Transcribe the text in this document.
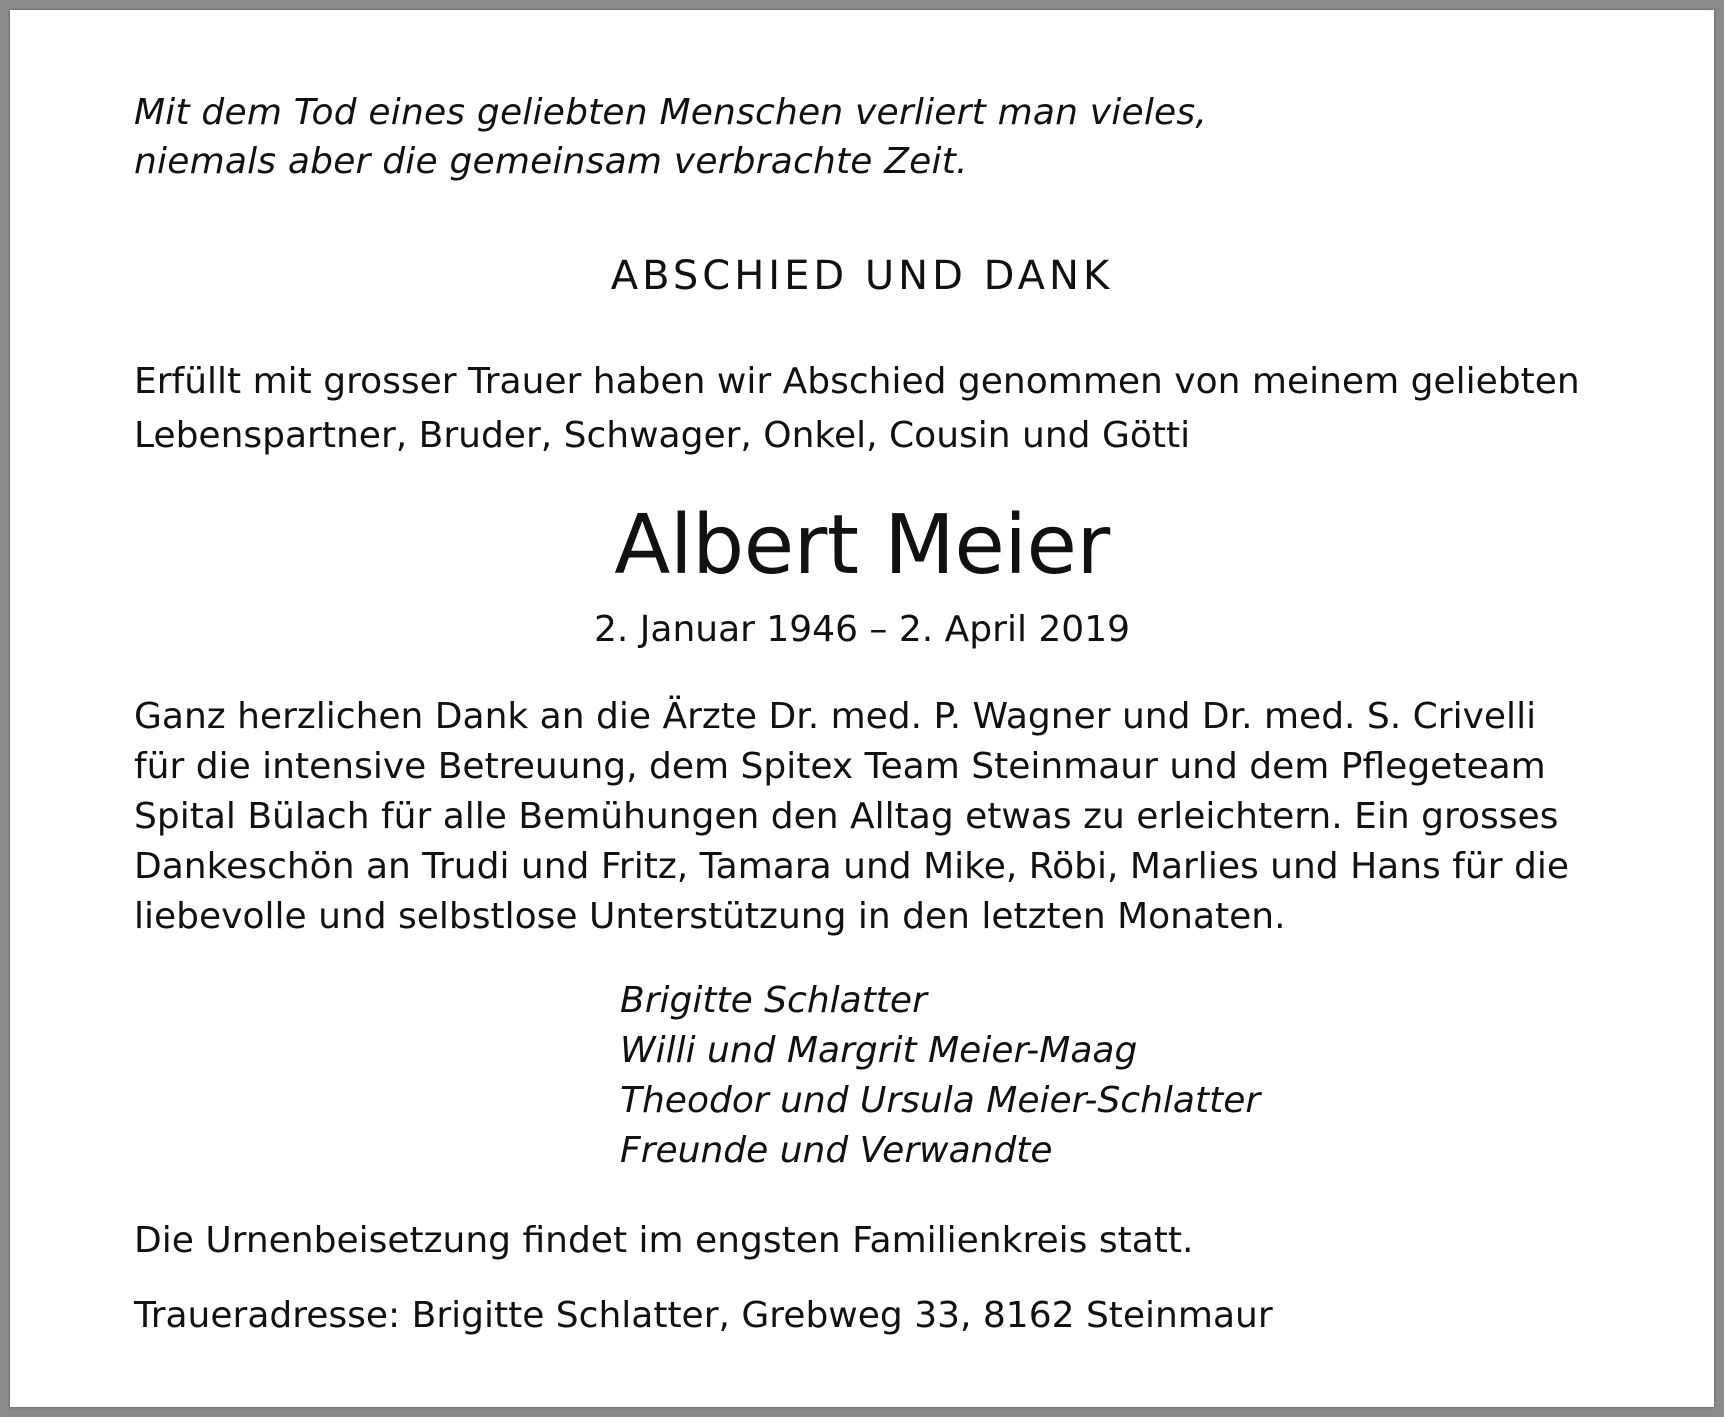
Mit dem Tod eines geliebten Menschen verliert man vieles,
niemals aber die gemeinsam verbrachte Zeit.
ABSCHIED UND DANK
Erfüllt mit grosser Trauer haben wir Abschied genommen von meinem geliebten
Lebenspartner, Bruder, Schwager, Onkel, Cousin und Götti
Albert Meier
2. Januar 1946 – 2. April 2019
Ganz herzlichen Dank an die Ärzte Dr. med. P. Wagner und Dr. med. S. Crivelli
für die intensive Betreuung, dem Spitex Team Steinmaur und dem Pflegeteam
Spital Bülach für alle Bemühungen den Alltag etwas zu erleichtern. Ein grosses
Dankeschön an Trudi und Fritz, Tamara und Mike, Röbi, Marlies und Hans für die
liebevolle und selbstlose Unterstützung in den letzten Monaten.
Brigitte Schlatter
Willi und Margrit Meier-Maag
Theodor und Ursula Meier-Schlatter
Freunde und Verwandte
Die Urnenbeisetzung findet im engsten Familienkreis statt.
Traueradresse: Brigitte Schlatter, Grebweg 33, 8162 Steinmaur
